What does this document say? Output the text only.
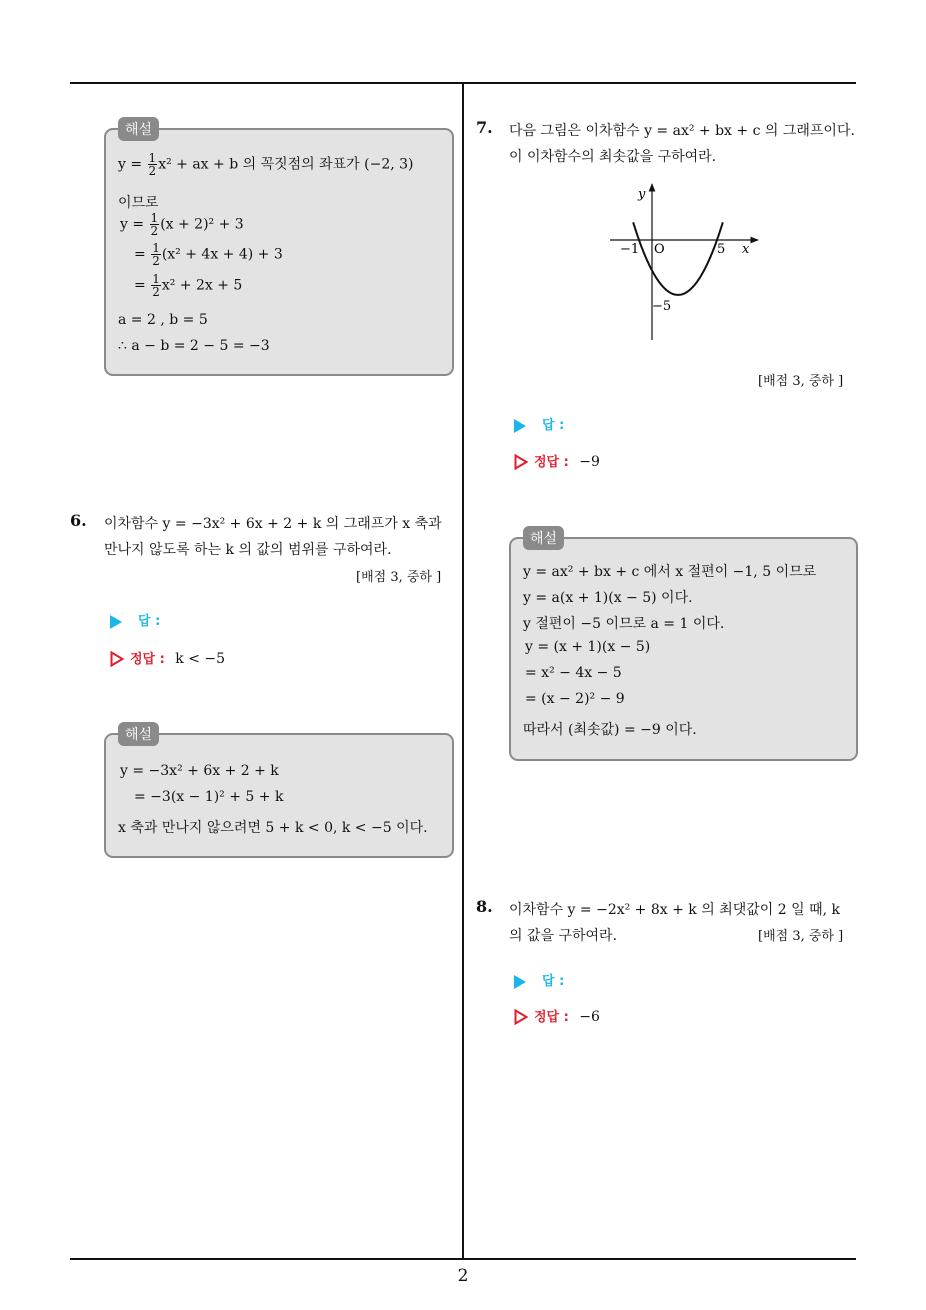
해설
$y = \frac{1}{2} x^2$ + ax + b 의 꼭짓점의 좌표가 (−2, 3)
이므로
$y = \frac{1}{2} (x + 2)^2 + 3$
= $\frac{1}{2} (x^2 + 4x + 4) + 3$
= $\frac{1}{2} x^2 + 2x + 5$
a = 2 , b = 5
∴ a − b = 2 − 5 = −3
6. 이차함수 y = −3x² + 6x + 2 + k 의 그래프가 x 축과
만나지 않도록 하는 k 의 값의 범위를 구하여라.
[배점 3, 중하 ]
답 :
정답 : k < −5
해설
y = −3x² + 6x + 2 + k
= −3(x − 1)² + 5 + k
x 축과 만나지 않으려면 5 + k < 0, k < −5 이다.
7. 다음 그림은 이차함수 y = ax² + bx + c 의 그래프이다.
이 이차함수의 최솟값을 구하여라.
y
x
O
−1	5
−5
[배점 3, 중하 ]
답 :
정답 : −9
해설
y = ax² + bx + c 에서 x 절편이 −1, 5 이므로
y = a(x + 1)(x − 5) 이다.
y 절편이 −5 이므로 a = 1 이다.
y = (x + 1)(x − 5)
= x² − 4x − 5
= (x − 2)² − 9
따라서 (최솟값) = −9 이다.
8. 이차함수 y = −2x² + 8x + k 의 최댓값이 2 일 때, k
의 값을 구하여라.	[배점 3, 중하 ]
답 :
정답 : −6
2
